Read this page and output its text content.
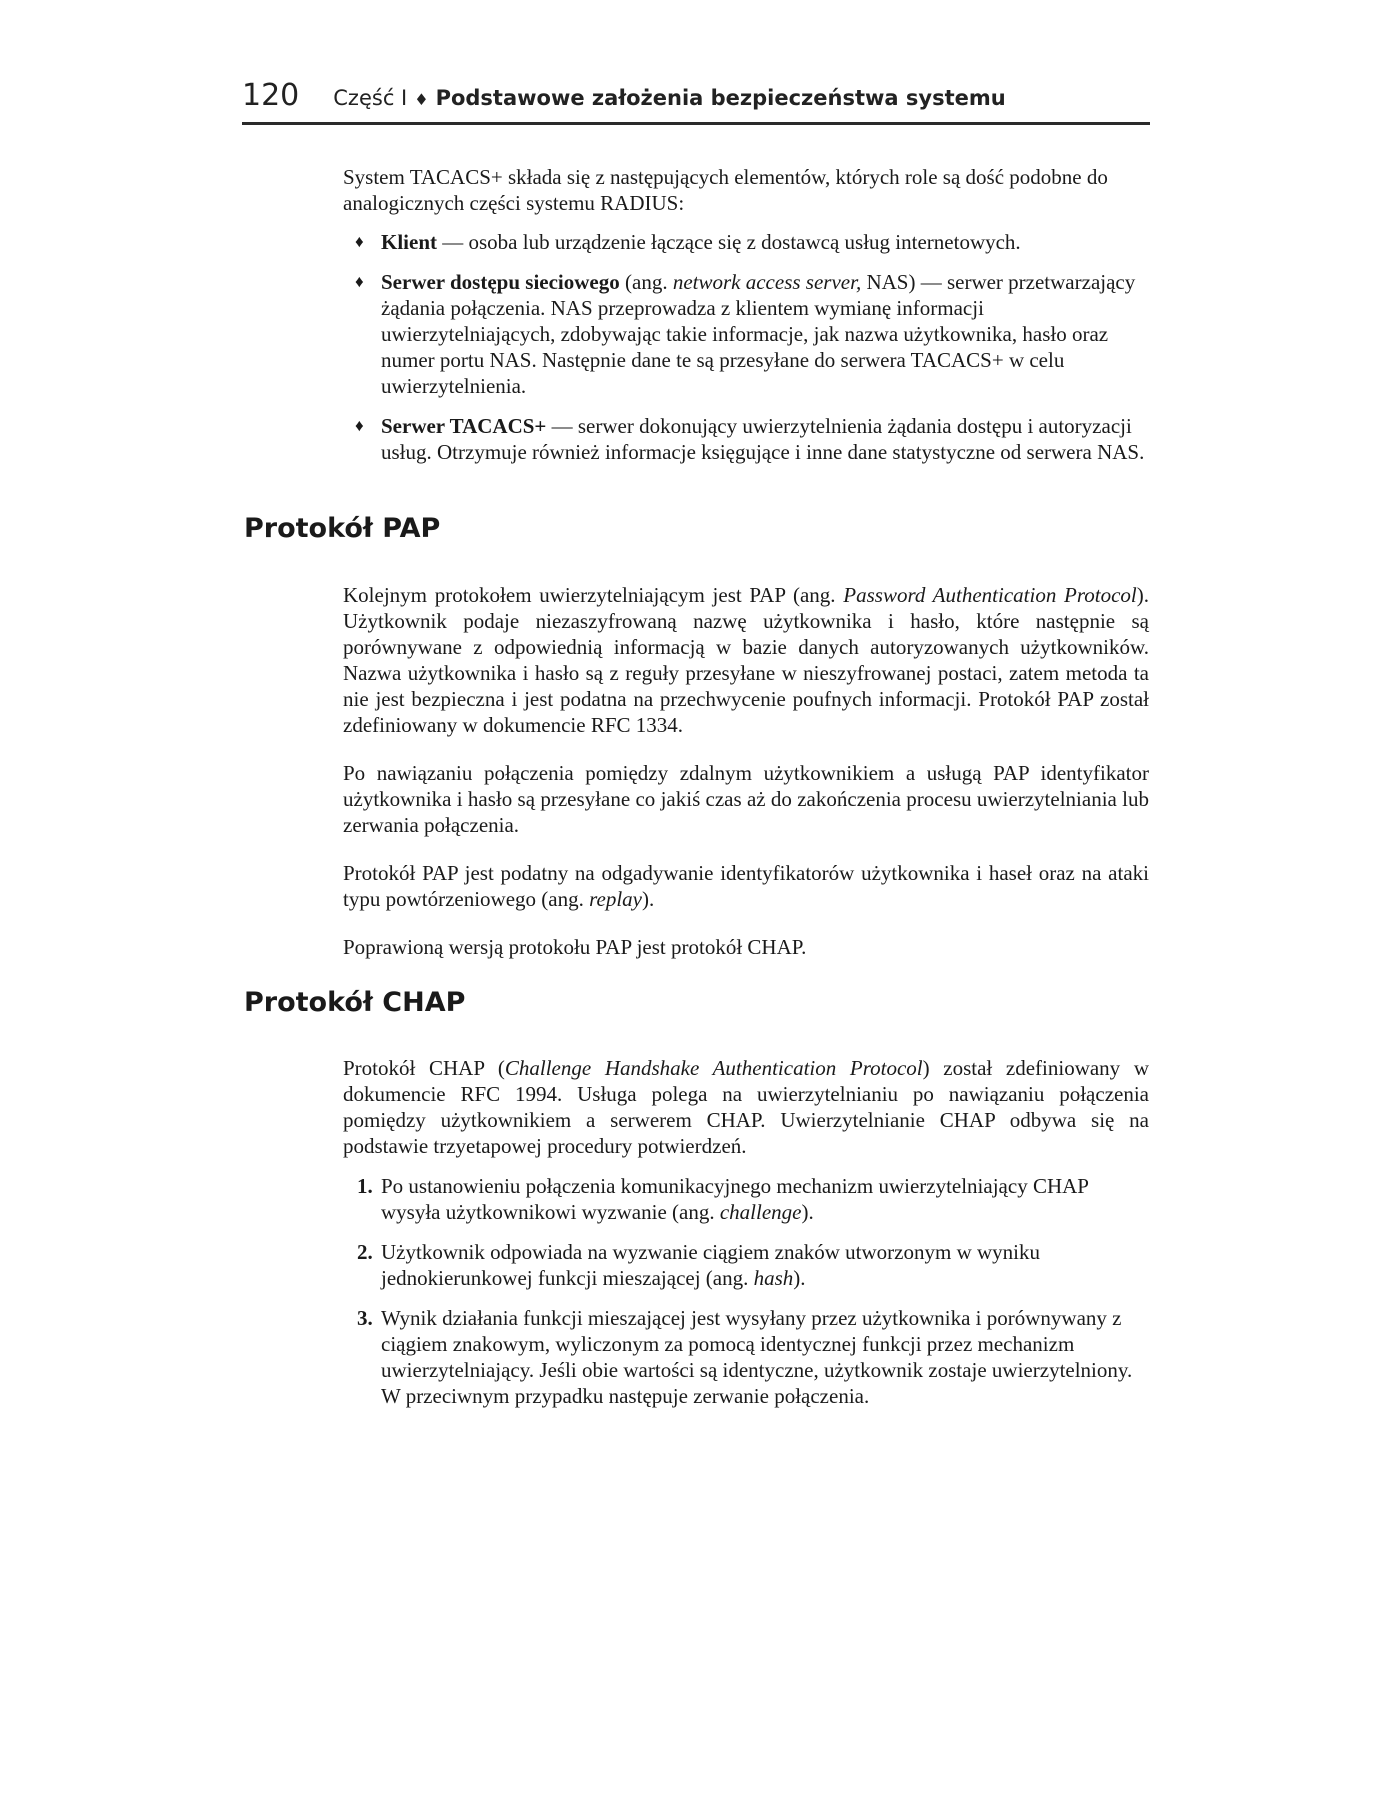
120 Część I ♦ Podstawowe założenia bezpieczeństwa systemu

System TACACS+ składa się z następujących elementów, których role są dość podobne do analogicznych części systemu RADIUS:

♦ Klient — osoba lub urządzenie łączące się z dostawcą usług internetowych.
♦ Serwer dostępu sieciowego (ang. network access server, NAS) — serwer przetwarzający żądania połączenia. NAS przeprowadza z klientem wymianę informacji uwierzytelniających, zdobywając takie informacje, jak nazwa użytkownika, hasło oraz numer portu NAS. Następnie dane te są przesyłane do serwera TACACS+ w celu uwierzytelnienia.
♦ Serwer TACACS+ — serwer dokonujący uwierzytelnienia żądania dostępu i autoryzacji usług. Otrzymuje również informacje księgujące i inne dane statystyczne od serwera NAS.
Protokół PAP

Kolejnym protokołem uwierzytelniającym jest PAP (ang. Password Authentication Protocol). Użytkownik podaje niezaszyfrowaną nazwę użytkownika i hasło, które następnie są porównywane z odpowiednią informacją w bazie danych autoryzowanych użytkowników. Nazwa użytkownika i hasło są z reguły przesyłane w nieszyfrowanej postaci, zatem metoda ta nie jest bezpieczna i jest podatna na przechwycenie poufnych informacji. Protokół PAP został zdefiniowany w dokumencie RFC 1334.

Po nawiązaniu połączenia pomiędzy zdalnym użytkownikiem a usługą PAP identyfikator użytkownika i hasło są przesyłane co jakiś czas aż do zakończenia procesu uwierzytelniania lub zerwania połączenia.

Protokół PAP jest podatny na odgadywanie identyfikatorów użytkownika i haseł oraz na ataki typu powtórzeniowego (ang. replay).

Poprawioną wersją protokołu PAP jest protokół CHAP.

Protokół CHAP

Protokół CHAP (Challenge Handshake Authentication Protocol) został zdefiniowany w dokumencie RFC 1994. Usługa polega na uwierzytelnianiu po nawiązaniu połączenia pomiędzy użytkownikiem a serwerem CHAP. Uwierzytelnianie CHAP odbywa się na podstawie trzyetapowej procedury potwierdzeń.

1. Po ustanowieniu połączenia komunikacyjnego mechanizm uwierzytelniający CHAP wysyła użytkownikowi wyzwanie (ang. challenge).
2. Użytkownik odpowiada na wyzwanie ciągiem znaków utworzonym w wyniku jednokierunkowej funkcji mieszającej (ang. hash).
3. Wynik działania funkcji mieszającej jest wysyłany przez użytkownika i porównywany z ciągiem znakowym, wyliczonym za pomocą identycznej funkcji przez mechanizm uwierzytelniający. Jeśli obie wartości są identyczne, użytkownik zostaje uwierzytelniony. W przeciwnym przypadku następuje zerwanie połączenia.
